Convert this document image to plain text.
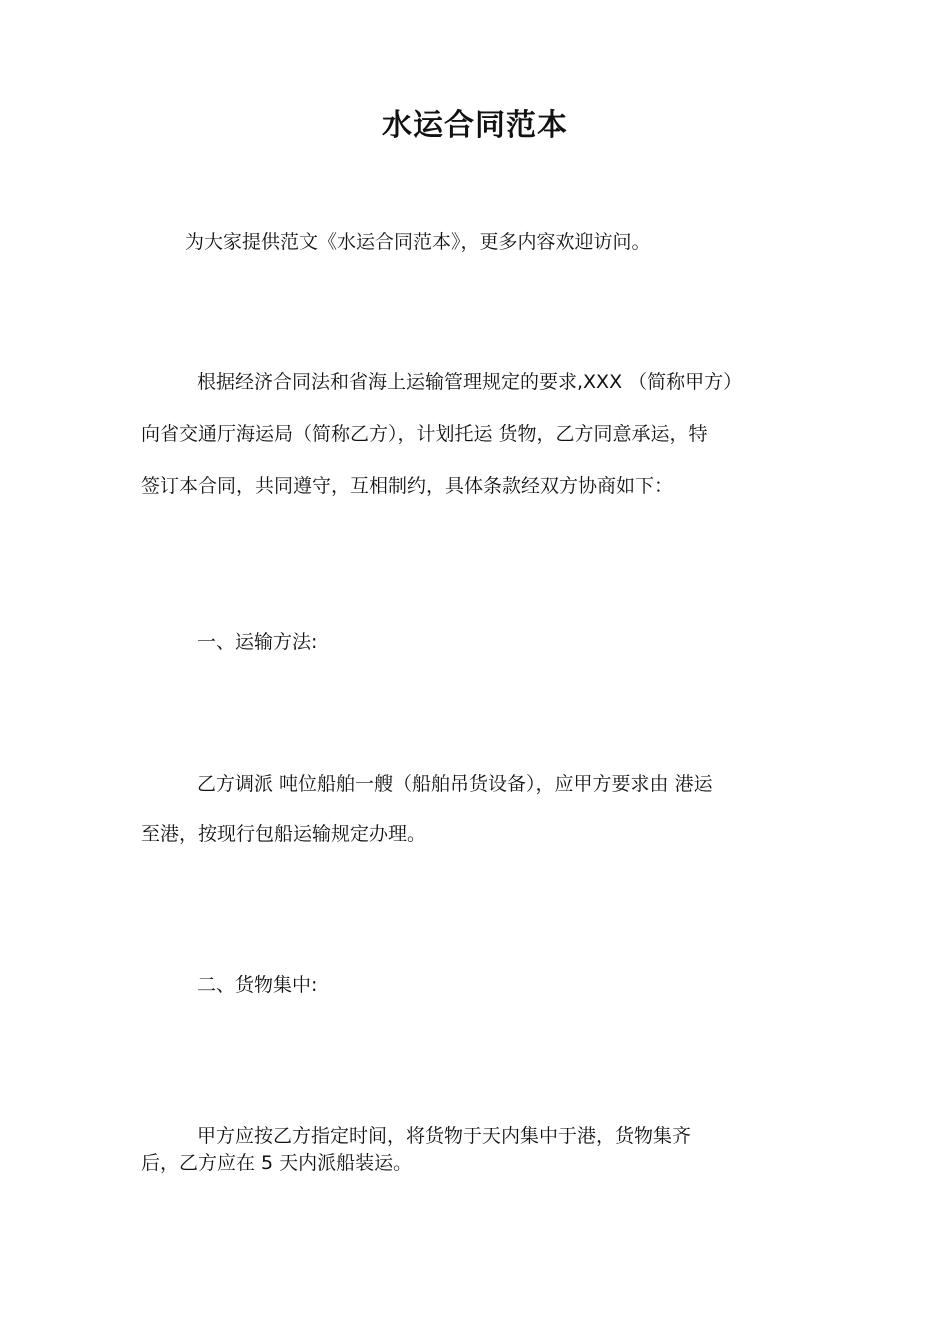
水运合同范本

为大家提供范文《水运合同范本》，更多内容欢迎访问。

根据经济合同法和省海上运输管理规定的要求,XXX （简称甲方）

向省交通厅海运局（简称乙方），计划托运 货物，乙方同意承运，特

签订本合同，共同遵守，互相制约，具体条款经双方协商如下：

一、运输方法:

乙方调派 吨位船舶一艘（船舶吊货设备），应甲方要求由 港运

至港，按现行包船运输规定办理。

二、货物集中:

甲方应按乙方指定时间，将货物于天内集中于港，货物集齐

后，乙方应在 5 天内派船装运。
